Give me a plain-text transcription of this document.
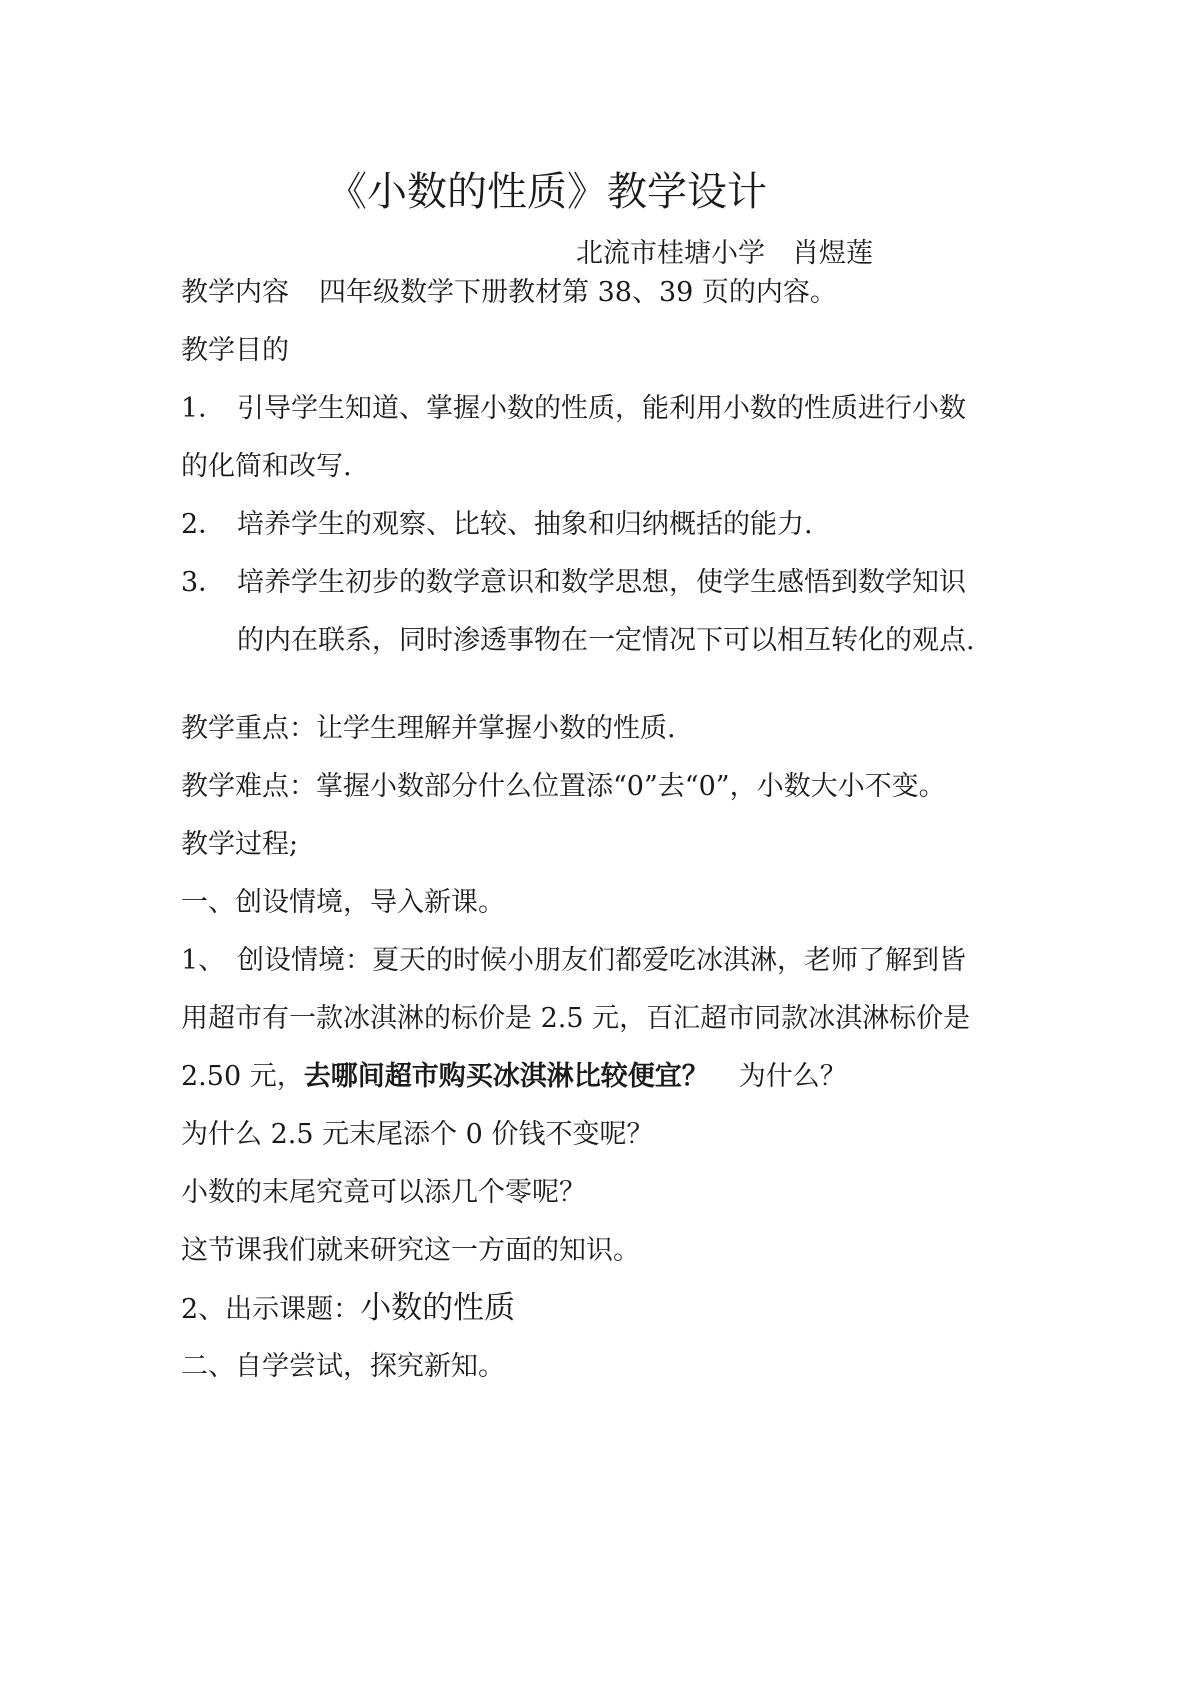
《小数的性质》教学设计
北流市桂塘小学　肖煜莲
教学内容 四年级数学下册教材第 38、39 页的内容。
教学目的
1． 引导学生知道、掌握小数的性质，能利用小数的性质进行小数
的化简和改写.
2． 培养学生的观察、比较、抽象和归纳概括的能力.
3． 培养学生初步的数学意识和数学思想，使学生感悟到数学知识
的内在联系，同时渗透事物在一定情况下可以相互转化的观点.
教学重点：让学生理解并掌握小数的性质.
教学难点：掌握小数部分什么位置添“0”去“0”，小数大小不变。
教学过程;
一、创设情境，导入新课。
1、 创设情境：夏天的时候小朋友们都爱吃冰淇淋，老师了解到皆
用超市有一款冰淇淋的标价是 2.5 元，百汇超市同款冰淇淋标价是
2.50 元，去哪间超市购买冰淇淋比较便宜？ 为什么？
为什么 2.5 元末尾添个 0 价钱不变呢？
小数的末尾究竟可以添几个零呢？
这节课我们就来研究这一方面的知识。
2、出示课题：小数的性质
二、自学尝试，探究新知。
